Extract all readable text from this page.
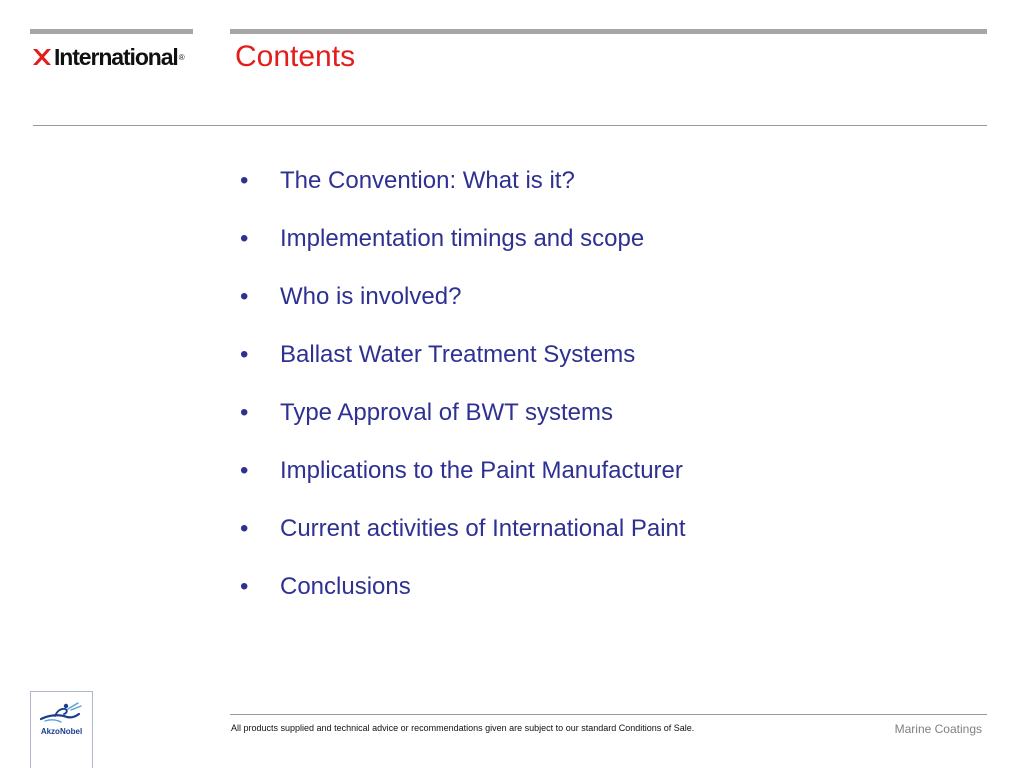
International ® Contents
•	The Convention: What is it?
•	Implementation timings and scope
•	Who is involved?
•	Ballast Water Treatment Systems
•	Type Approval of BWT systems
•	Implications to the Paint Manufacturer
•	Current activities of International Paint
•	Conclusions
AkzoNobel	All products supplied and technical advice or recommendations given are subject to our standard Conditions of Sale.	Marine Coatings
